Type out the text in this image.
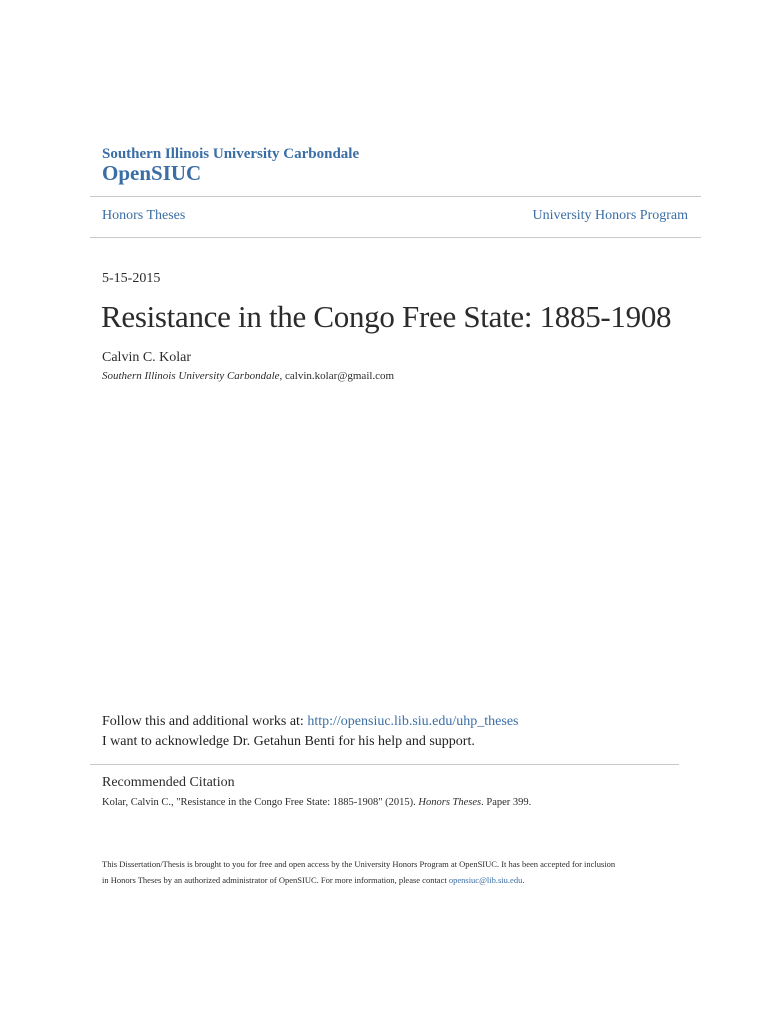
Southern Illinois University Carbondale
OpenSIUC
Honors Theses	University Honors Program
5-15-2015
Resistance in the Congo Free State: 1885-1908
Calvin C. Kolar
Southern Illinois University Carbondale, calvin.kolar@gmail.com
Follow this and additional works at: http://opensiuc.lib.siu.edu/uhp_theses
I want to acknowledge Dr. Getahun Benti for his help and support.
Recommended Citation
Kolar, Calvin C., "Resistance in the Congo Free State: 1885-1908" (2015). Honors Theses. Paper 399.
This Dissertation/Thesis is brought to you for free and open access by the University Honors Program at OpenSIUC. It has been accepted for inclusion
in Honors Theses by an authorized administrator of OpenSIUC. For more information, please contact opensiuc@lib.siu.edu.
